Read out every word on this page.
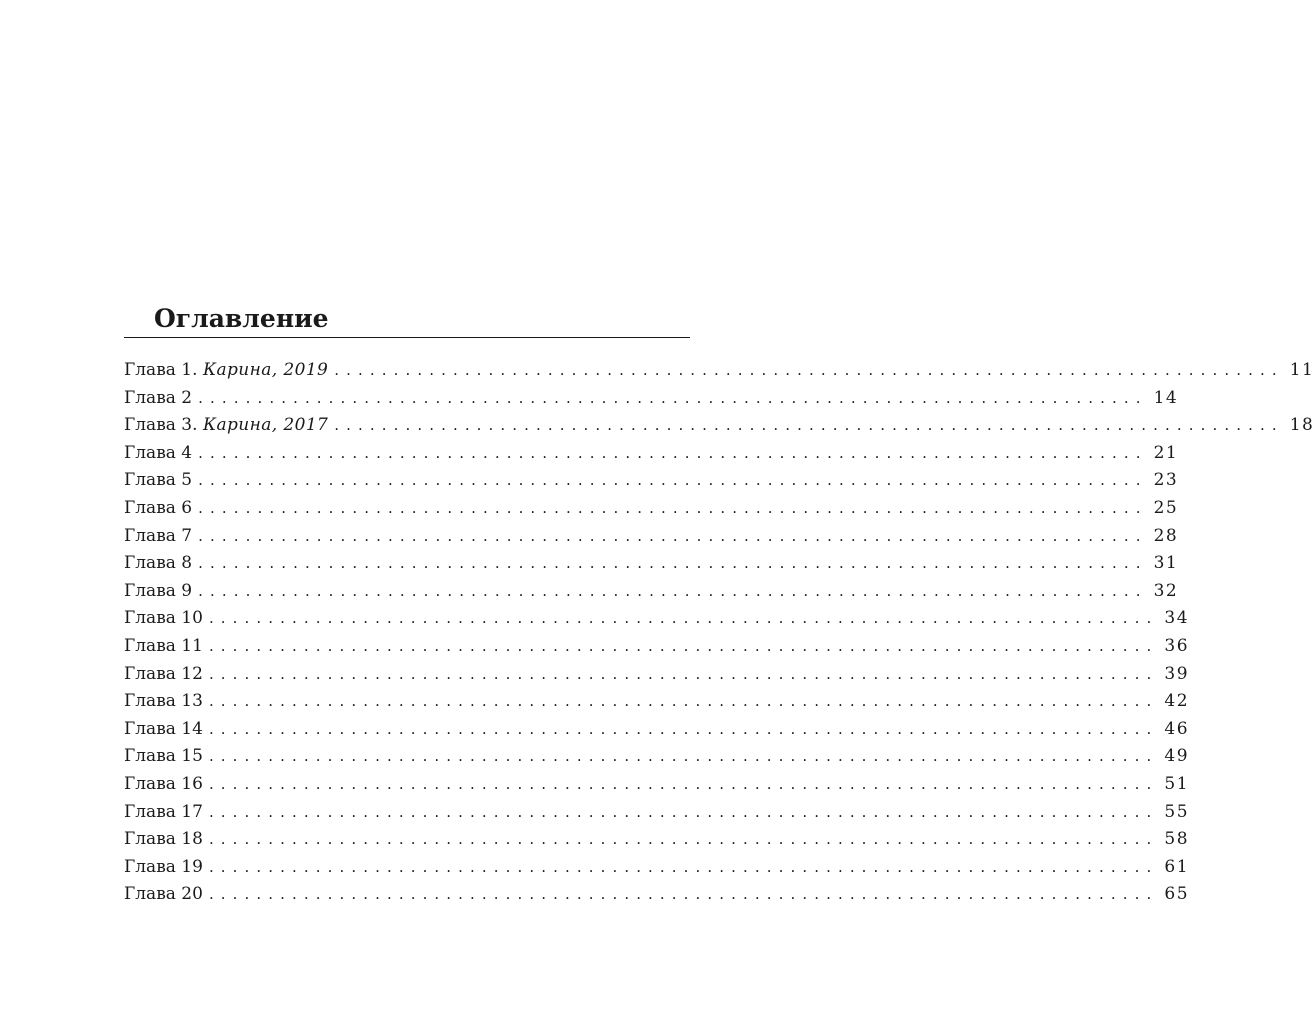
Оглавление
Глава 1. Карина, 2019 ................................................................................ 11
Глава 2 ................................................................................ 14
Глава 3. Карина, 2017 ................................................................................ 18
Глава 4 ................................................................................ 21
Глава 5 ................................................................................ 23
Глава 6 ................................................................................ 25
Глава 7 ................................................................................ 28
Глава 8 ................................................................................ 31
Глава 9 ................................................................................ 32
Глава 10 ................................................................................ 34
Глава 11 ................................................................................ 36
Глава 12 ................................................................................ 39
Глава 13 ................................................................................ 42
Глава 14 ................................................................................ 46
Глава 15 ................................................................................ 49
Глава 16 ................................................................................ 51
Глава 17 ................................................................................ 55
Глава 18 ................................................................................ 58
Глава 19 ................................................................................ 61
Глава 20 ................................................................................ 65
